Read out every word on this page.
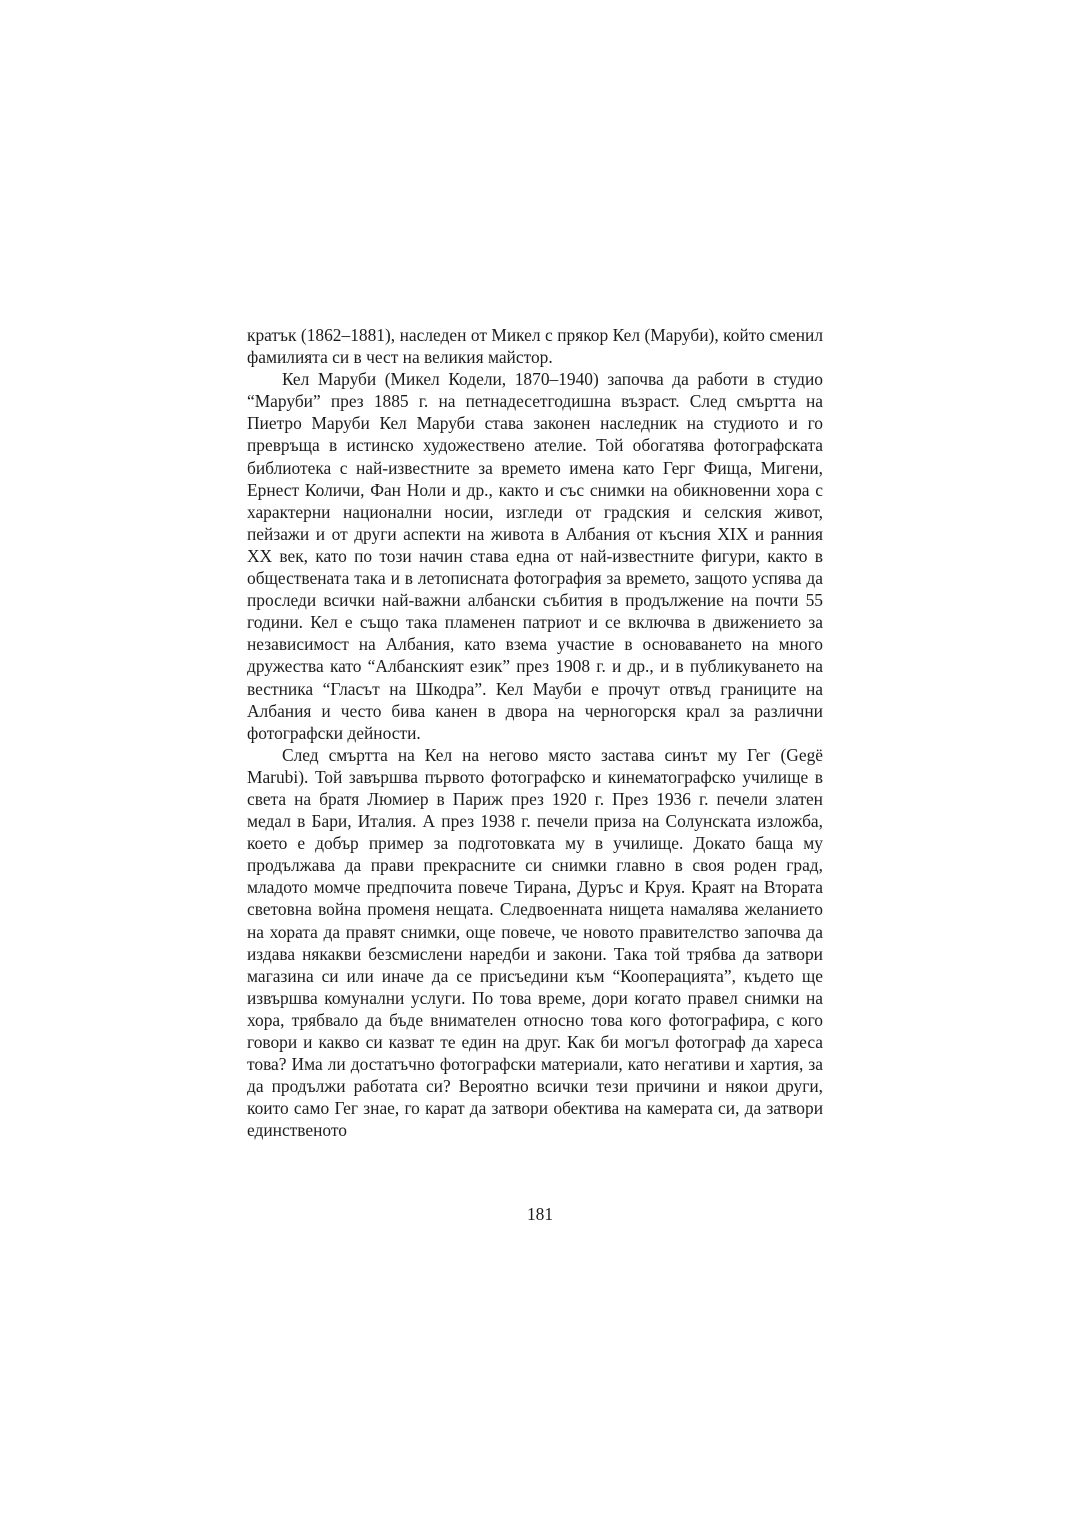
кратък (1862–1881), наследен от Микел с прякор Кел (Маруби), който сменил фамилията си в чест на великия майстор.

Кел Маруби (Микел Кодели, 1870–1940) започва да работи в студио “Маруби” през 1885 г. на петнадесетгодишна възраст. След смъртта на Пиетро Маруби Кел Маруби става законен наследник на студиото и го превръща в истинско художествено ателие. Той обогатява фотографската библиотека с най-известните за времето имена като Герг Фища, Мигени, Ернест Количи, Фан Ноли и др., както и със снимки на обикновенни хора с характерни национални носии, изгледи от градския и селския живот, пейзажи и от други аспекти на живота в Албания от късния XIX и ранния XX век, като по този начин става една от най-известните фигури, както в обществената така и в летописната фотография за времето, защото успява да проследи всички най-важни албански събития в продължение на почти 55 години. Кел е също така пламенен патриот и се включва в движението за независимост на Албания, като взема участие в основаването на много дружества като “Албанският език” през 1908 г. и др., и в публикуването на вестника “Гласът на Шкодра”. Кел Мауби е прочут отвъд границите на Албания и често бива канен в двора на черногорскя крал за различни фотографски дейности.

След смъртта на Кел на негово място застава синът му Гег (Gegë Marubi). Той завършва първото фотографско и кинематографско училище в света на братя Люмиер в Париж през 1920 г. През 1936 г. печели златен медал в Бари, Италия. А през 1938 г. печели приза на Солунската изложба, което е добър пример за подготовката му в училище. Докато баща му продължава да прави прекрасните си снимки главно в своя роден град, младото момче предпочита повече Тирана, Дуръс и Круя. Краят на Втората световна война променя нещата. Следвоенната нищета намалява желанието на хората да правят снимки, още повече, че новото правителство започва да издава някакви безсмислени наредби и закони. Така той трябва да затвори магазина си или иначе да се присъедини към “Кооперацията”, където ще извършва комунални услуги. По това време, дори когато правел снимки на хора, трябвало да бъде внимателен относно това кого фотографира, с кого говори и какво си казват те един на друг. Как би могъл фотограф да хареса това? Има ли достатъчно фотографски материали, като негативи и хартия, за да продължи работата си? Вероятно всички тези причини и някои други, които само Гег знае, го карат да затвори обектива на камерата си, да затвори единственото

181
